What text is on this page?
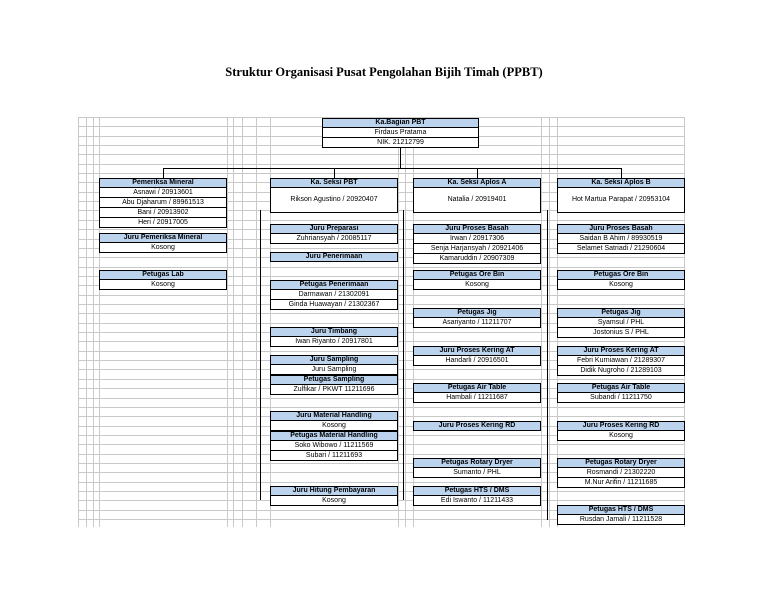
Struktur Organisasi Pusat Pengolahan Bijih Timah (PPBT)
Ka.Bagian PBT
Firdaus Pratama
NIK. 21212799
Pemeriksa Mineral
Asnawi / 20913601
Abu Djaharum / 89961513
Bani / 20913902
Heri / 20917005
Juru Pemeriksa Mineral
Kosong
Petugas Lab
Kosong
Ka. Seksi PBT
Rikson Agustino / 20920407
Juru Preparasi
Zuhriansyah / 20085117
Juru Penerimaan
Petugas Penerimaan
Darmawan / 21302091
Ginda Huawayan / 21302367
Juru Timbang
Iwan Riyanto / 20917801
Juru Sampling
Juru Sampling
Petugas Sampling
Zulfikar / PKWT 11211696
Juru Material Handling
Kosong
Petugas Material Handling
Soko Wibowo / 11211569
Subari / 11211693
Juru Hitung Pembayaran
Kosong
Ka. Seksi Aplos A
Natalia / 20919401
Juru Proses Basah
Irwan / 20917306
Senja Harjansyah / 20921406
Kamaruddin / 20907309
Petugas Ore Bin
Kosong
Petugas Jig
Asariyanto / 11211707
Juru Proses Kering AT
Handarli / 20916501
Petugas Air Table
Hambali / 11211687
Juru Proses Kering RD
Petugas Rotary Dryer
Sumanto / PHL
Petugas HTS / DMS
Edi Iswanto / 11211433
Ka. Seksi Aplos B
Hot Martua Parapat / 20953104
Juru Proses Basah
Saidan B Ahim / 89930519
Selamet Satriadi / 21290604
Petugas Ore Bin
Kosong
Petugas Jig
Syamsul / PHL
Jostonius S / PHL
Juru Proses Kering AT
Febri Kurniawan / 21289307
Didik Nugroho / 21289103
Petugas Air Table
Subandi / 11211750
Juru Proses Kering RD
Kosong
Petugas Rotary Dryer
Rosmandi / 21302220
M.Nur Arifin / 11211685
Petugas HTS / DMS
Rusdan Jamali / 11211528
